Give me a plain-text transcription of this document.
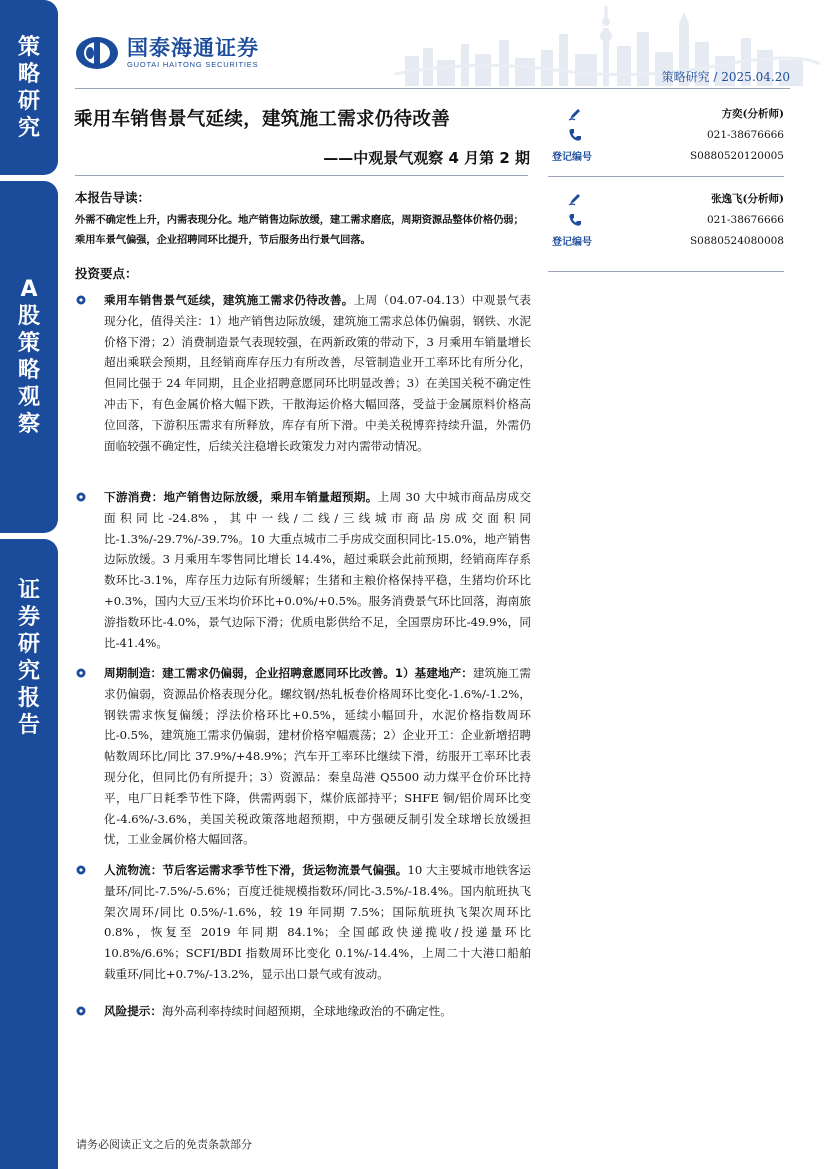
策
略
研
究
A
股
策
略
观
察
证
券
研
究
报
告
国泰海通证券
GUOTAI HAITONG SECURITIES
策略研究 / 2025.04.20
乘用车销售景气延续，建筑施工需求仍待改善
——中观景气观察 4 月第 2 期
方奕(分析师)
021-38676666
登记编号	S0880520120005
张逸飞(分析师)
021-38676666
登记编号	S0880524080008
本报告导读：
外需不确定性上升，内需表现分化。地产销售边际放缓，建工需求磨底，周期资源品整体价格仍弱；乘用车景气偏强，企业招聘同环比提升，节后服务出行景气回落。
投资要点：
乘用车销售景气延续，建筑施工需求仍待改善。上周（04.07-04.13）中观景气表现分化，值得关注：1）地产销售边际放缓，建筑施工需求总体仍偏弱，钢铁、水泥价格下滑；2）消费制造景气表现较强，在两新政策的带动下，3 月乘用车销量增长超出乘联会预期，且经销商库存压力有所改善，尽管制造业开工率环比有所分化，但同比强于 24 年同期，且企业招聘意愿同环比明显改善；3）在美国关税不确定性冲击下，有色金属价格大幅下跌，干散海运价格大幅回落，受益于金属原料价格高位回落，下游积压需求有所释放，库存有所下滑。中美关税博弈持续升温，外需仍面临较强不确定性，后续关注稳增长政策发力对内需带动情况。
下游消费：地产销售边际放缓，乘用车销量超预期。上周 30 大中城市商品房成交面积同比-24.8%，其中一线/二线/三线城市商品房成交面积同比-1.3%/-29.7%/-39.7%。10 大重点城市二手房成交面积同比-15.0%，地产销售边际放缓。3 月乘用车零售同比增长 14.4%，超过乘联会此前预期，经销商库存系数环比-3.1%，库存压力边际有所缓解；生猪和主粮价格保持平稳，生猪均价环比+0.3%，国内大豆/玉米均价环比+0.0%/+0.5%。服务消费景气环比回落，海南旅游指数环比-4.0%，景气边际下滑；优质电影供给不足，全国票房环比-49.9%，同比-41.4%。
周期制造：建工需求仍偏弱，企业招聘意愿同环比改善。1）基建地产：建筑施工需求仍偏弱，资源品价格表现分化。螺纹钢/热轧板卷价格周环比变化-1.6%/-1.2%，钢铁需求恢复偏缓；浮法价格环比+0.5%，延续小幅回升，水泥价格指数周环比-0.5%，建筑施工需求仍偏弱，建材价格窄幅震荡；2）企业开工：企业新增招聘帖数周环比/同比 37.9%/+48.9%；汽车开工率环比继续下滑，纺服开工率环比表现分化，但同比仍有所提升；3）资源品：秦皇岛港 Q5500 动力煤平仓价环比持平，电厂日耗季节性下降，供需两弱下，煤价底部持平；SHFE 铜/铝价周环比变化-4.6%/-3.6%，美国关税政策落地超预期，中方强硬反制引发全球增长放缓担忧，工业金属价格大幅回落。
人流物流：节后客运需求季节性下滑，货运物流景气偏强。10 大主要城市地铁客运量环/同比-7.5%/-5.6%；百度迁徙规模指数环/同比-3.5%/-18.4%。国内航班执飞架次周环/同比 0.5%/-1.6%，较 19 年同期 7.5%；国际航班执飞架次周环比 0.8%，恢复至 2019 年同期 84.1%；全国邮政快递揽收/投递量环比 10.8%/6.6%；SCFI/BDI 指数周环比变化 0.1%/-14.4%，上周二十大港口船舶载重环/同比+0.7%/-13.2%，显示出口景气或有波动。
风险提示：海外高利率持续时间超预期，全球地缘政治的不确定性。
请务必阅读正文之后的免责条款部分
